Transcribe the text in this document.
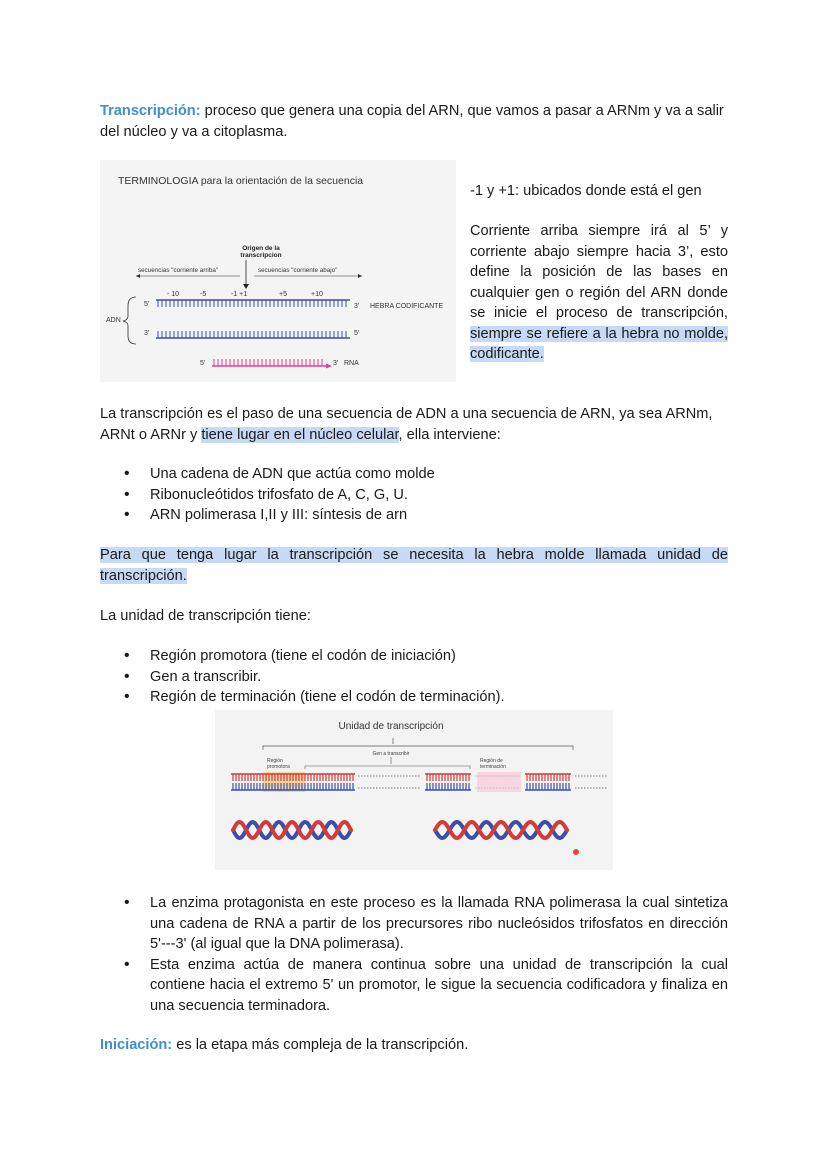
Transcripción: proceso que genera una copia del ARN, que vamos a pasar a ARNm y va a salir del núcleo y va a citoplasma.

TERMINOLOGIA para la orientación de la secuencia
Origen de la
transcripcion
secuencias "corriente arriba"	secuencias "corriente abajo"
- 10	-5	-1 +1	+5	+10
ADN
5'	3' HEBRA CODIFICANTE
3'	5'
5'	3' RNA

-1 y +1: ubicados donde está el gen

Corriente arriba siempre irá al 5’ y corriente abajo siempre hacia 3’, esto define la posición de las bases en cualquier gen o región del ARN donde se inicie el proceso de transcripción, siempre se refiere a la hebra no molde, codificante.

La transcripción es el paso de una secuencia de ADN a una secuencia de ARN, ya sea ARNm, ARNt o ARNr y tiene lugar en el núcleo celular, ella interviene:

• Una cadena de ADN que actúa como molde
• Ribonucleótidos trifosfato de A, C, G, U.
• ARN polimerasa I,II y III: síntesis de arn

Para que tenga lugar la transcripción se necesita la hebra molde llamada unidad de transcripción.

La unidad de transcripción tiene:

• Región promotora (tiene el codón de iniciación)
• Gen a transcribir.
• Región de terminación (tiene el codón de terminación).
Unidad de transcripción
Gen a transcribir
Región
promotora
Región de
terminación
• La enzima protagonista en este proceso es la llamada RNA polimerasa la cual sintetiza una cadena de RNA a partir de los precursores ribo nucleósidos trifosfatos en dirección 5'---3' (al igual que la DNA polimerasa).
• Esta enzima actúa de manera continua sobre una unidad de transcripción la cual contiene hacia el extremo 5' un promotor, le sigue la secuencia codificadora y finaliza en una secuencia terminadora.

Iniciación: es la etapa más compleja de la transcripción.
